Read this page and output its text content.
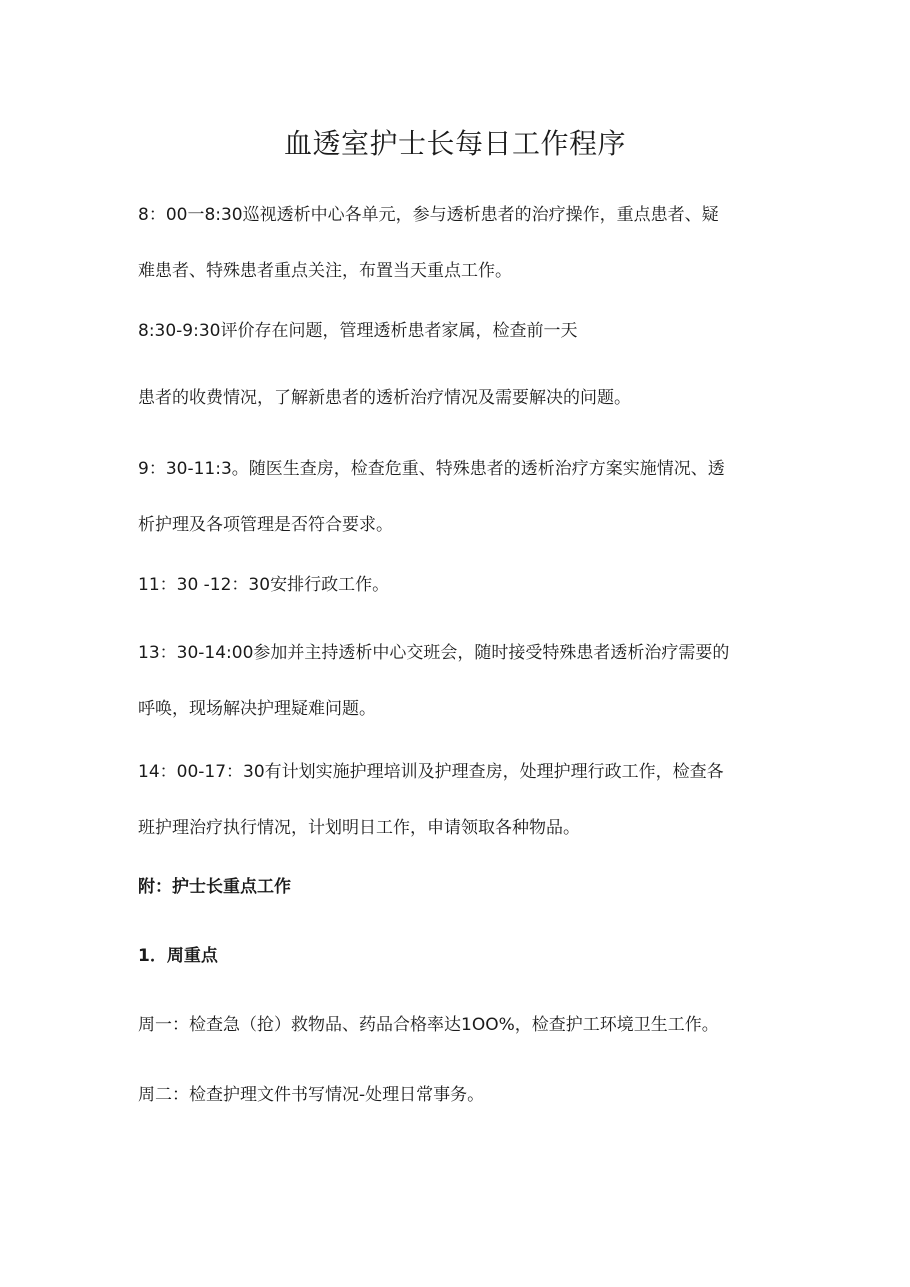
血透室护士长每日工作程序

8：00一8:30巡视透析中心各单元，参与透析患者的治疗操作，重点患者、疑
难患者、特殊患者重点关注，布置当天重点工作。

8:30-9:30评价存在问题，管理透析患者家属，检查前一天

患者的收费情况，了解新患者的透析治疗情况及需要解决的问题。

9：30-11:3。随医生查房，检查危重、特殊患者的透析治疗方案实施情况、透
析护理及各项管理是否符合要求。

11：30 -12：30安排行政工作。

13：30-14:00参加并主持透析中心交班会，随时接受特殊患者透析治疗需要的
呼唤，现场解决护理疑难问题。

14：00-17：30有计划实施护理培训及护理查房，处理护理行政工作，检查各
班护理治疗执行情况，计划明日工作，申请领取各种物品。

附：护士长重点工作

1．周重点

周一：检查急（抢）救物品、药品合格率达1OO%，检查护工环境卫生工作。

周二：检查护理文件书写情况-处理日常事务。
